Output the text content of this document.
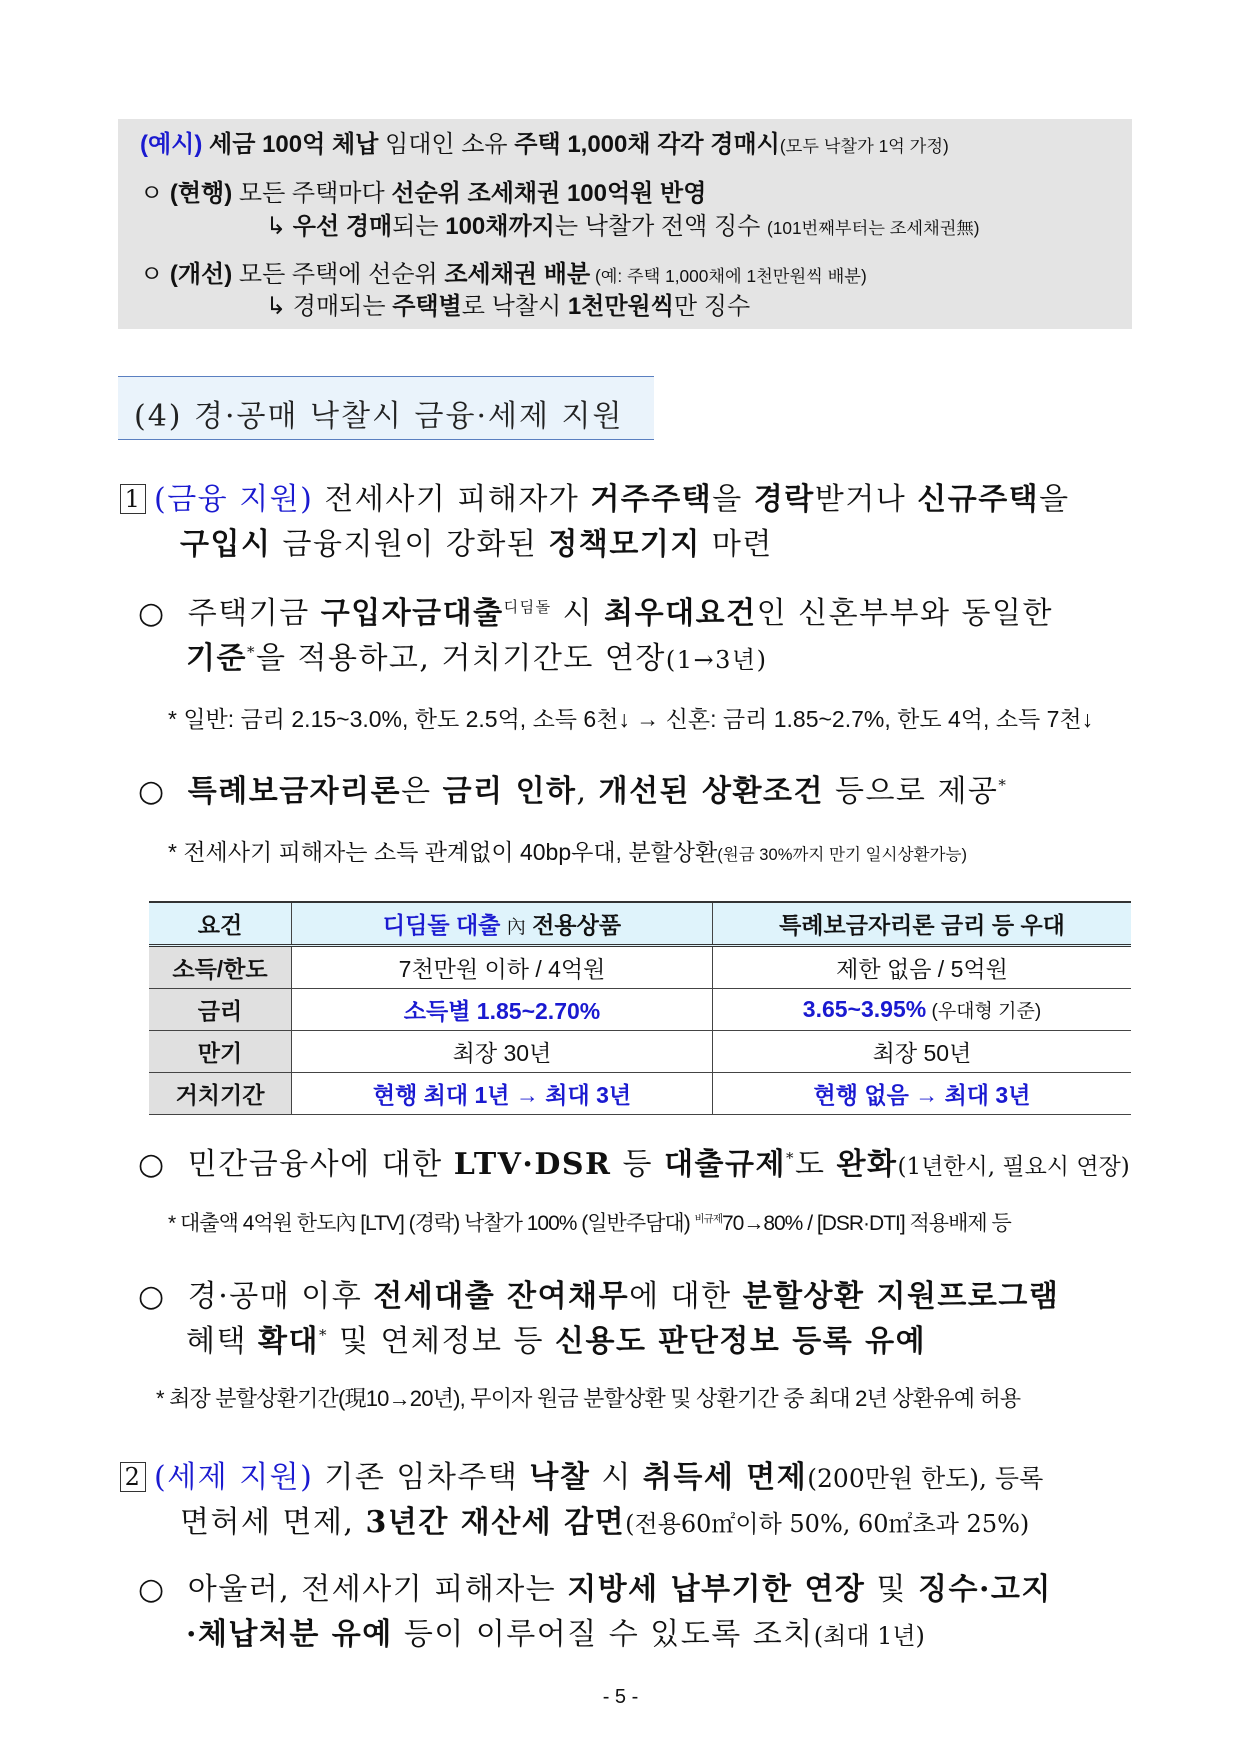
(예시) 세금 100억 체납 임대인 소유 주택 1,000채 각각 경매시(모두 낙찰가 1억 가정)
ㅇ (현행) 모든 주택마다 선순위 조세채권 100억원 반영
↳ 우선 경매되는 100채까지는 낙찰가 전액 징수 (101번째부터는 조세채권無)
ㅇ (개선) 모든 주택에 선순위 조세채권 배분 (예: 주택 1,000채에 1천만원씩 배분)
↳ 경매되는 주택별로 낙찰시 1천만원씩만 징수
(4) 경·공매 낙찰시 금융·세제 지원
1 (금융 지원) 전세사기 피해자가 거주주택을 경락받거나 신규주택을
구입시 금융지원이 강화된 정책모기지 마련
○ 주택기금 구입자금대출$^{디딤돌}$ 시 최우대요건인 신혼부부와 동일한
기준*을 적용하고, 거치기간도 연장(1→3년)
* 일반: 금리 2.15~3.0%, 한도 2.5억, 소득 6천↓ → 신혼: 금리 1.85~2.7%, 한도 4억, 소득 7천↓
○ 특례보금자리론은 금리 인하, 개선된 상환조건 등으로 제공*
* 전세사기 피해자는 소득 관계없이 40bp우대, 분할상환(원금 30%까지 만기 일시상환가능)
요건	디딤돌 대출 內 전용상품	특례보금자리론 금리 등 우대
소득/한도	7천만원 이하 / 4억원	제한 없음 / 5억원
금리	소득별 1.85~2.70%	3.65~3.95% (우대형 기준)
만기	최장 30년	최장 50년
거치기간	현행 최대 1년 → 최대 3년	현행 없음 → 최대 3년
○ 민간금융사에 대한 LTV·DSR 등 대출규제*도 완화(1년한시, 필요시 연장)
* 대출액 4억원 한도內 [LTV] (경락) 낙찰가 100% (일반주담대) $^{비규제}$70→80% / [DSR·DTI] 적용배제 등
○ 경·공매 이후 전세대출 잔여채무에 대한 분할상환 지원프로그램
혜택 확대* 및 연체정보 등 신용도 판단정보 등록 유예
* 최장 분할상환기간(現10→20년), 무이자 원금 분할상환 및 상환기간 중 최대 2년 상환유예 허용
2 (세제 지원) 기존 임차주택 낙찰 시 취득세 면제(200만원 한도), 등록
면허세 면제, 3년간 재산세 감면(전용60㎡이하 50%, 60㎡초과 25%)
○ 아울러, 전세사기 피해자는 지방세 납부기한 연장 및 징수·고지
·체납처분 유예 등이 이루어질 수 있도록 조치(최대 1년)
- 5 -
